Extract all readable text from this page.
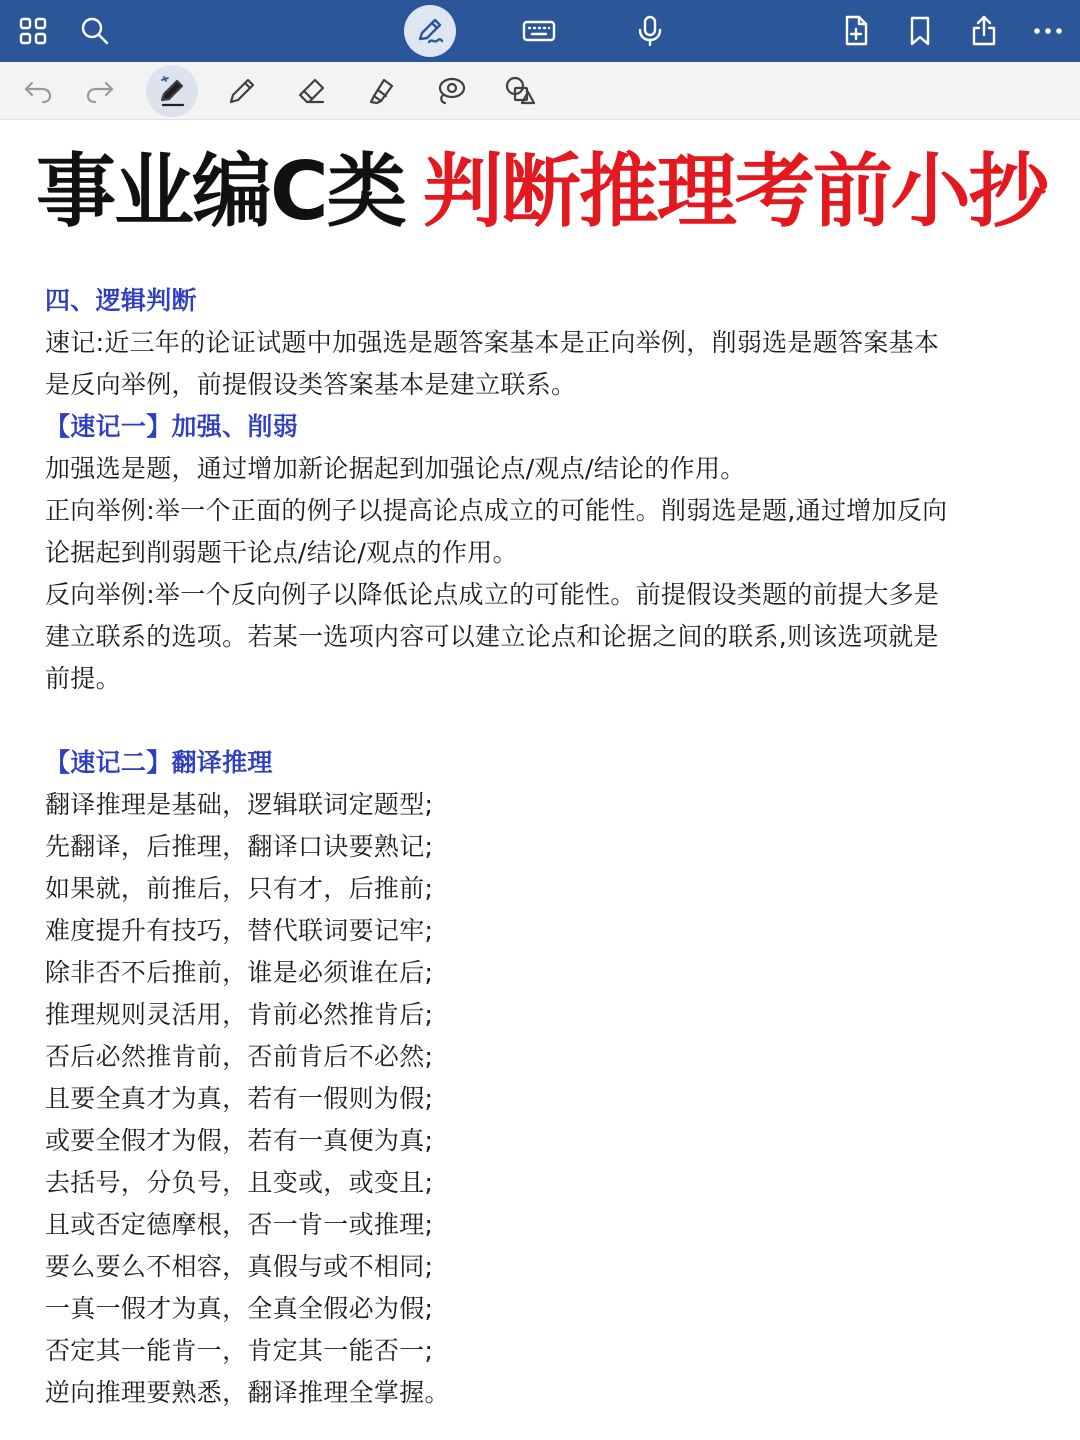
事业编C类 判断推理考前小抄
四、逻辑判断
速记:近三年的论证试题中加强选是题答案基本是正向举例，削弱选是题答案基本
是反向举例，前提假设类答案基本是建立联系。
【速记一】加强、削弱
加强选是题，通过增加新论据起到加强论点/观点/结论的作用。
正向举例:举一个正面的例子以提高论点成立的可能性。削弱选是题,通过增加反向
论据起到削弱题干论点/结论/观点的作用。
反向举例:举一个反向例子以降低论点成立的可能性。前提假设类题的前提大多是
建立联系的选项。若某一选项内容可以建立论点和论据之间的联系,则该选项就是
前提。
【速记二】翻译推理
翻译推理是基础，逻辑联词定题型;
先翻译，后推理，翻译口诀要熟记;
如果就，前推后，只有才，后推前;
难度提升有技巧，替代联词要记牢;
除非否不后推前，谁是必须谁在后;
推理规则灵活用，肯前必然推肯后;
否后必然推肯前，否前肯后不必然;
且要全真才为真，若有一假则为假;
或要全假才为假，若有一真便为真;
去括号，分负号，且变或，或变且;
且或否定德摩根，否一肯一或推理;
要么要么不相容，真假与或不相同;
一真一假才为真，全真全假必为假;
否定其一能肯一，肯定其一能否一;
逆向推理要熟悉，翻译推理全掌握。
